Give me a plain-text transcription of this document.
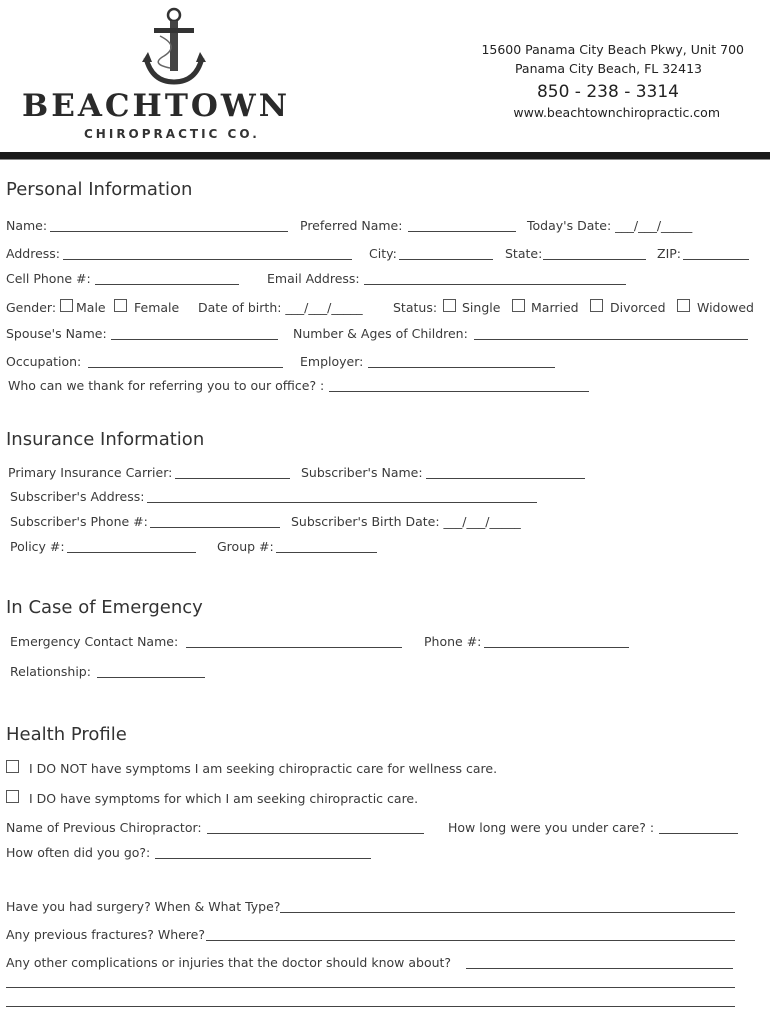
BEACHTOWN
CHIROPRACTIC CO.
15600 Panama City Beach Pkwy, Unit 700
Panama City Beach, FL 32413
850 - 238 - 3314
www.beachtownchiropractic.com
Personal Information
Name:	Preferred Name:	Today's Date: ___/___/_____
Address:	City:	State:	ZIP:
Cell Phone #:	Email Address:
Gender: Male Female Date of birth: ___/___/_____ Status: Single Married	Divorced	Widowed
Spouse's Name:	Number & Ages of Children:
Occupation:	Employer:
Who can we thank for referring you to our office? :
Insurance Information
Primary Insurance Carrier:	Subscriber's Name:
Subscriber's Address:
Subscriber's Phone #:	Subscriber's Birth Date: ___/___/_____
Policy #:	Group #:
In Case of Emergency
Emergency Contact Name:	Phone #:
Relationship:
Health Profile
I DO NOT have symptoms I am seeking chiropractic care for wellness care.
I DO have symptoms for which I am seeking chiropractic care.
Name of Previous Chiropractor:	How long were you under care? :
How often did you go?:
Have you had surgery? When & What Type?
Any previous fractures? Where?
Any other complications or injuries that the doctor should know about?
